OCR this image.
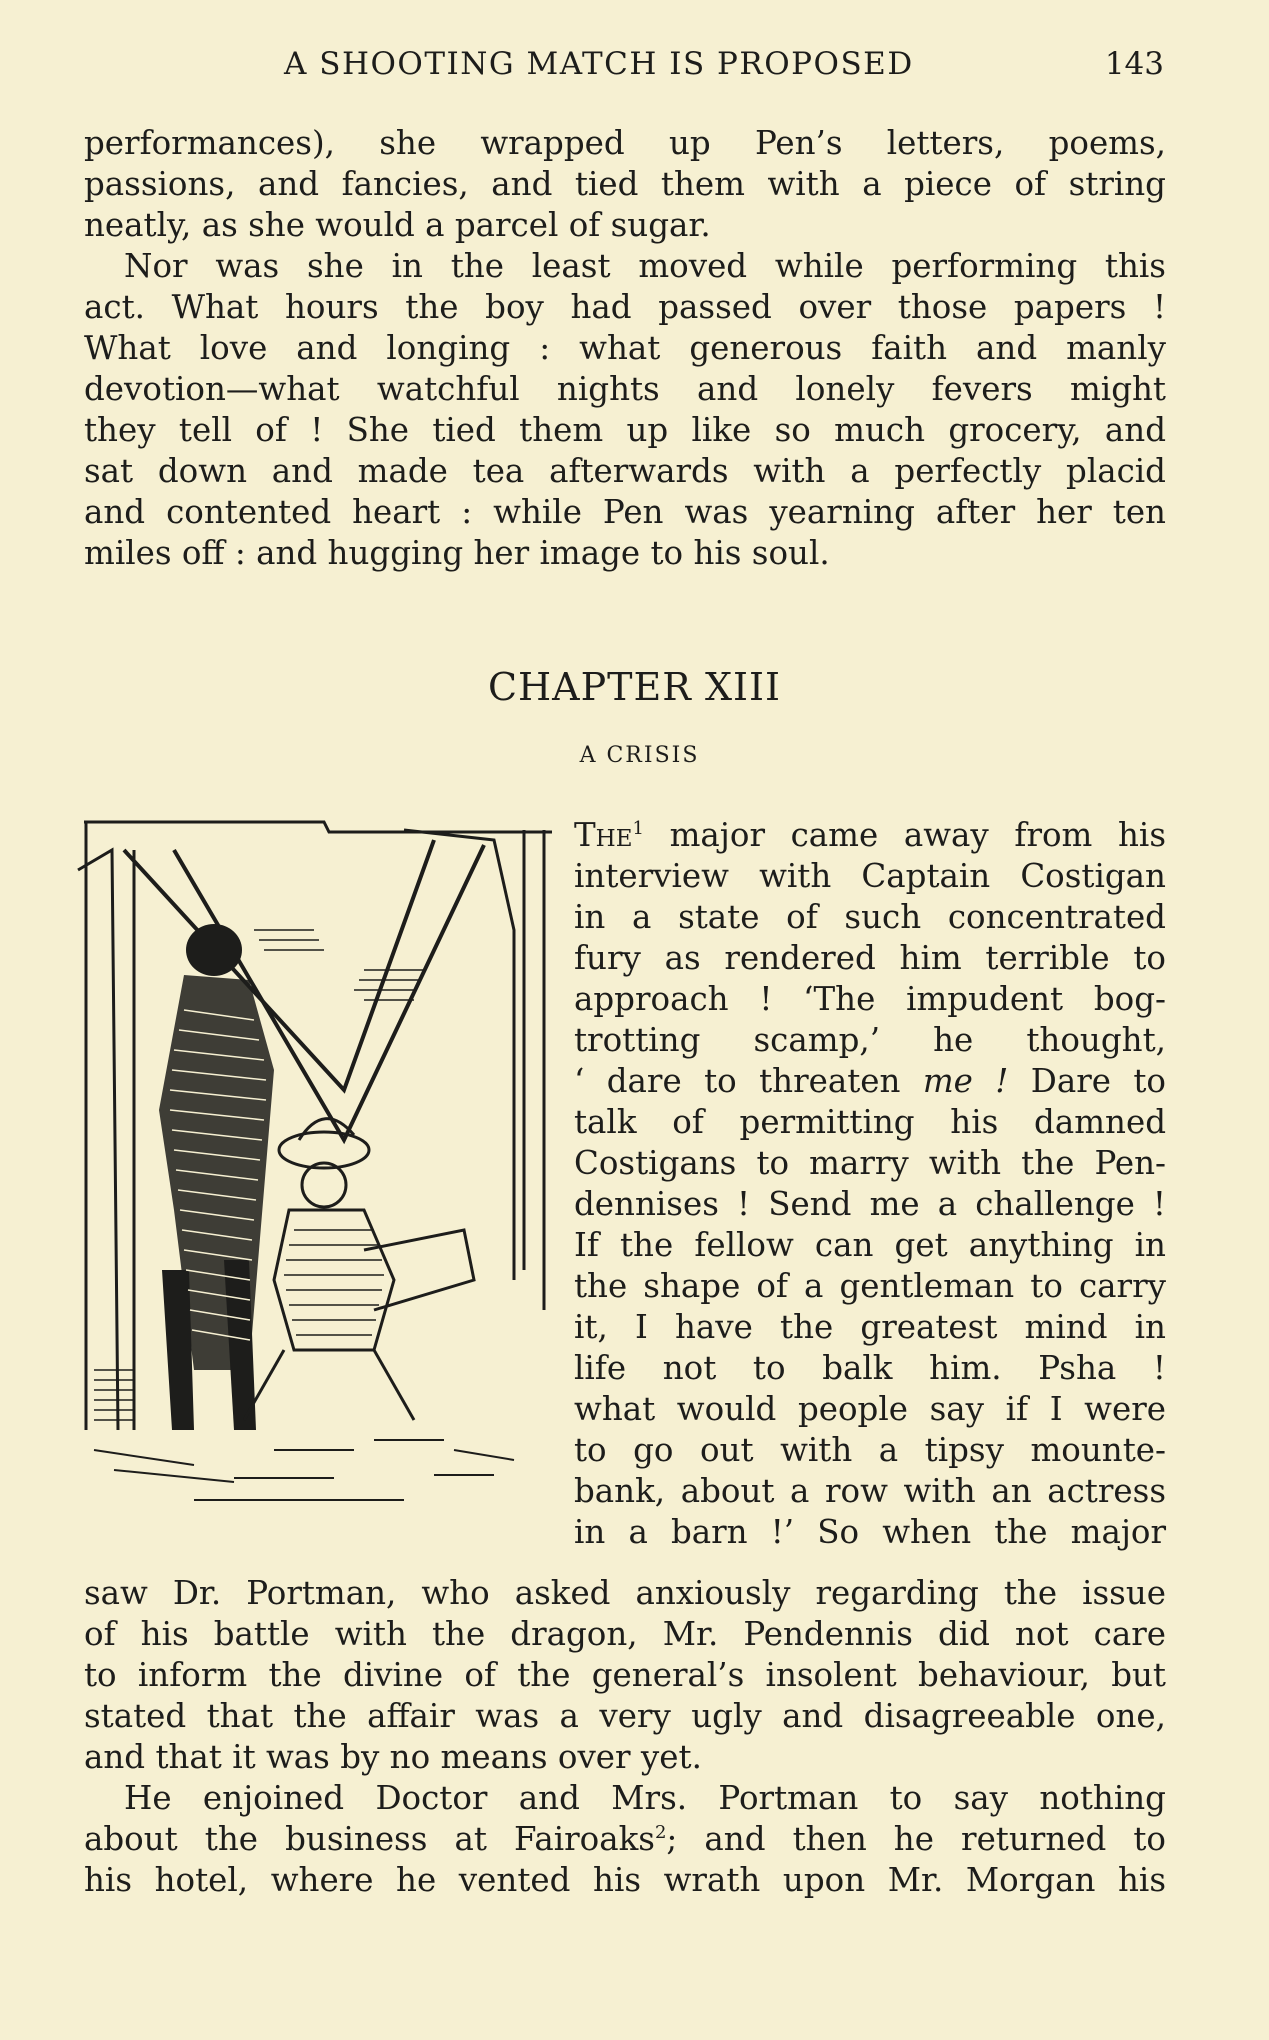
A SHOOTING MATCH IS PROPOSED	143
performances), she wrapped up Pen’s letters, poems,
passions, and fancies, and tied them with a piece of string
neatly, as she would a parcel of sugar.
Nor was she in the least moved while performing this
act. What hours the boy had passed over those papers !
What love and longing : what generous faith and manly
devotion—what watchful nights and lonely fevers might
they tell of ! She tied them up like so much grocery, and
sat down and made tea afterwards with a perfectly placid
and contented heart : while Pen was yearning after her ten
miles off : and hugging her image to his soul.
CHAPTER XIII
A CRISIS
The$^1$ major came away from his
interview with Captain Costigan
in a state of such concentrated
fury as rendered him terrible to
approach ! ‘The impudent bog-
trotting scamp,’ he thought,
‘ dare to threaten me ! Dare to
talk of permitting his damned
Costigans to marry with the Pen-
dennises ! Send me a challenge !
If the fellow can get anything in
the shape of a gentleman to carry
it, I have the greatest mind in
life not to balk him. Psha !
what would people say if I were
to go out with a tipsy mounte-
bank, about a row with an actress
in a barn !’ So when the major
saw Dr. Portman, who asked anxiously regarding the issue
of his battle with the dragon, Mr. Pendennis did not care
to inform the divine of the general’s insolent behaviour, but
stated that the affair was a very ugly and disagreeable one,
and that it was by no means over yet.
He enjoined Doctor and Mrs. Portman to say nothing
about the business at Fairoaks$^2$; and then he returned to
his hotel, where he vented his wrath upon Mr. Morgan his
